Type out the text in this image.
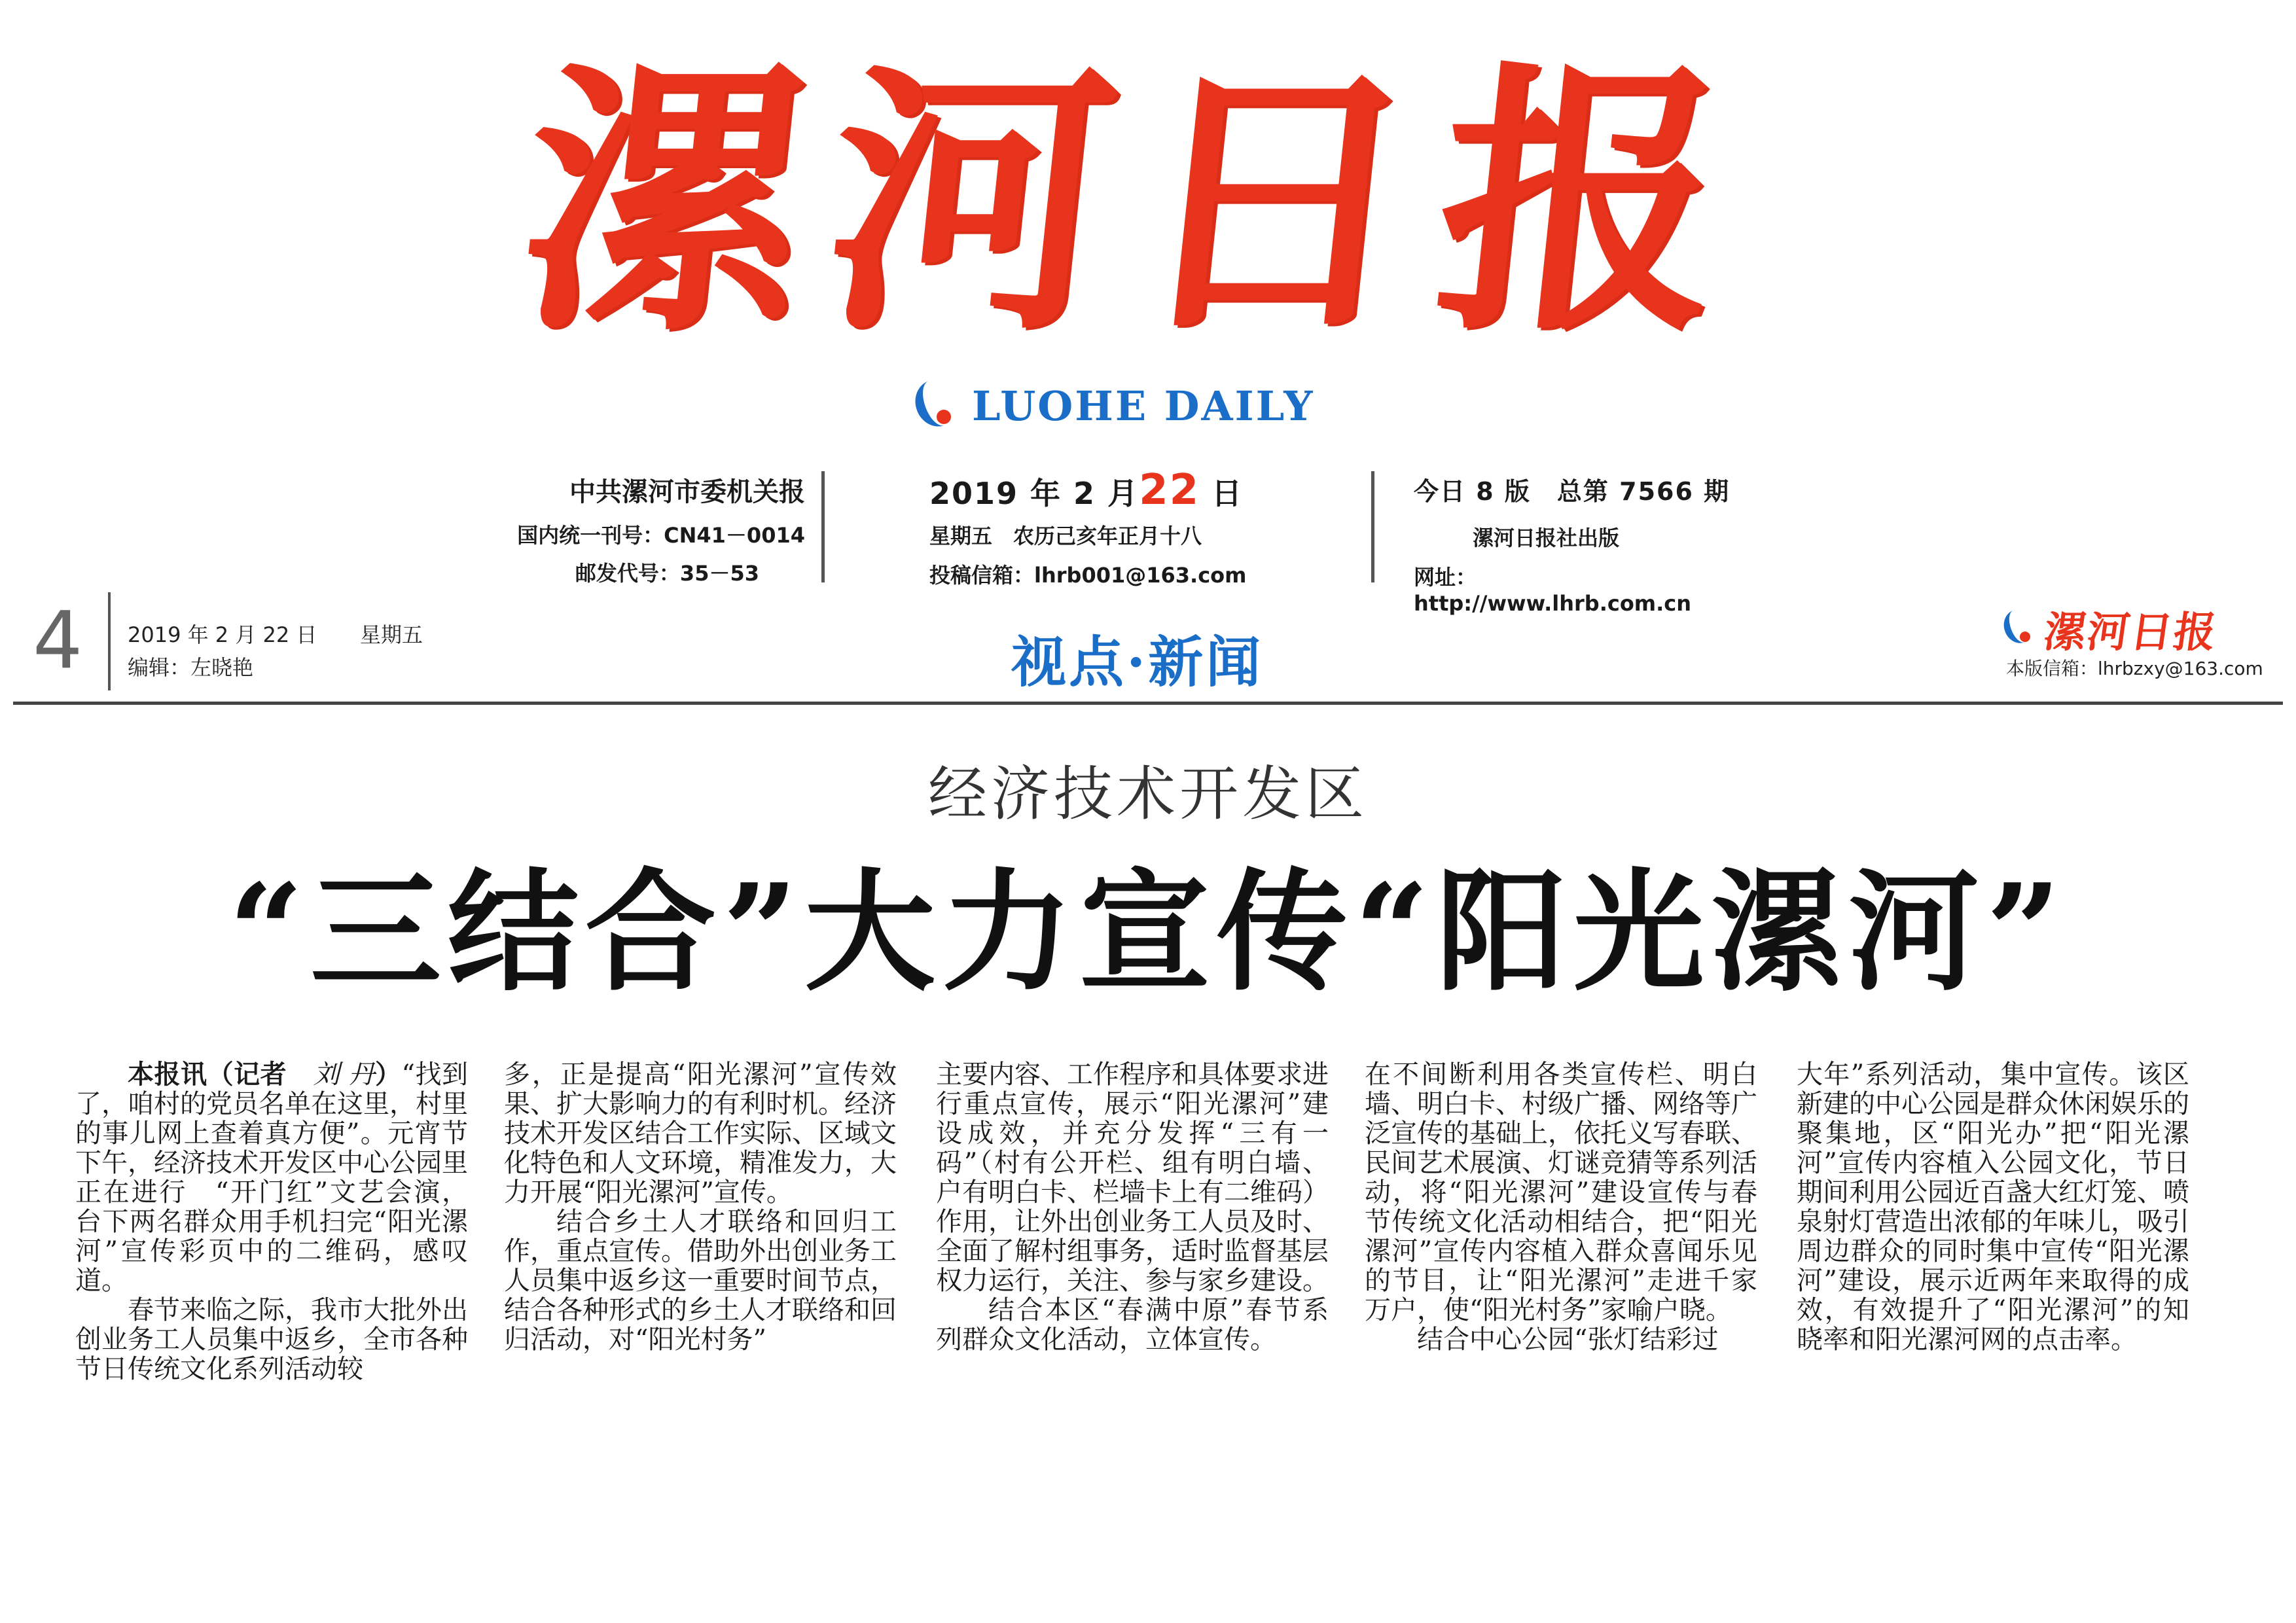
漯
河
日
报
LUOHE DAILY
中共漯河市委机关报
国内统一刊号：CN41－0014
邮发代号：35－53
2019 年 2 月22 日
星期五　农历己亥年正月十八
投稿信箱：lhrb001@163.com
今日 8 版　总第 7566 期
漯河日报社出版
网址：http://www.lhrb.com.cn
4 2019 年 2 月 22 日 星期五
编辑：左晓艳	视点·新闻	漯河日报
本版信箱：lhrbzxy@163.com
经济技术开发区
“三结合”大力宣传“阳光漯河”

本报讯（记者　 刘 丹）“找到了，咱村的党员名单在这里，村里的事儿网上查着真方便”。元宵节下午，经济技术开发区中心公园里正在进行　“开门红”文艺会演，台下两名群众用手机扫完“阳光漯河”宣传彩页中的二维码，感叹道。

春节来临之际，我市大批外出创业务工人员集中返乡，全市各种节日传统文化系列活动较

多，正是提高“阳光漯河”宣传效果、扩大影响力的有利时机。经济技术开发区结合工作实际、区域文化特色和人文环境，精准发力，大力开展“阳光漯河”宣传。

结合乡土人才联络和回归工作，重点宣传。借助外出创业务工人员集中返乡这一重要时间节点，结合各种形式的乡土人才联络和回归活动，对“阳光村务”

主要内容、工作程序和具体要求进行重点宣传，展示“阳光漯河”建设成效，并充分发挥“三有一码”（村有公开栏、组有明白墙、户有明白卡、栏墙卡上有二维码）作用，让外出创业务工人员及时、全面了解村组事务，适时监督基层权力运行，关注、参与家乡建设。

结合本区“春满中原”春节系列群众文化活动，立体宣传。

在不间断利用各类宣传栏、明白墙、明白卡、村级广播、网络等广泛宣传的基础上，依托义写春联、民间艺术展演、灯谜竞猜等系列活动，将“阳光漯河”建设宣传与春节传统文化活动相结合，把“阳光漯河”宣传内容植入群众喜闻乐见的节目，让“阳光漯河”走进千家万户，使“阳光村务”家喻户晓。

结合中心公园“张灯结彩过

大年”系列活动，集中宣传。该区新建的中心公园是群众休闲娱乐的聚集地，区“阳光办”把“阳光漯河”宣传内容植入公园文化，节日期间利用公园近百盏大红灯笼、喷泉射灯营造出浓郁的年味儿，吸引周边群众的同时集中宣传“阳光漯河”建设，展示近两年来取得的成效，有效提升了“阳光漯河”的知晓率和阳光漯河网的点击率。
